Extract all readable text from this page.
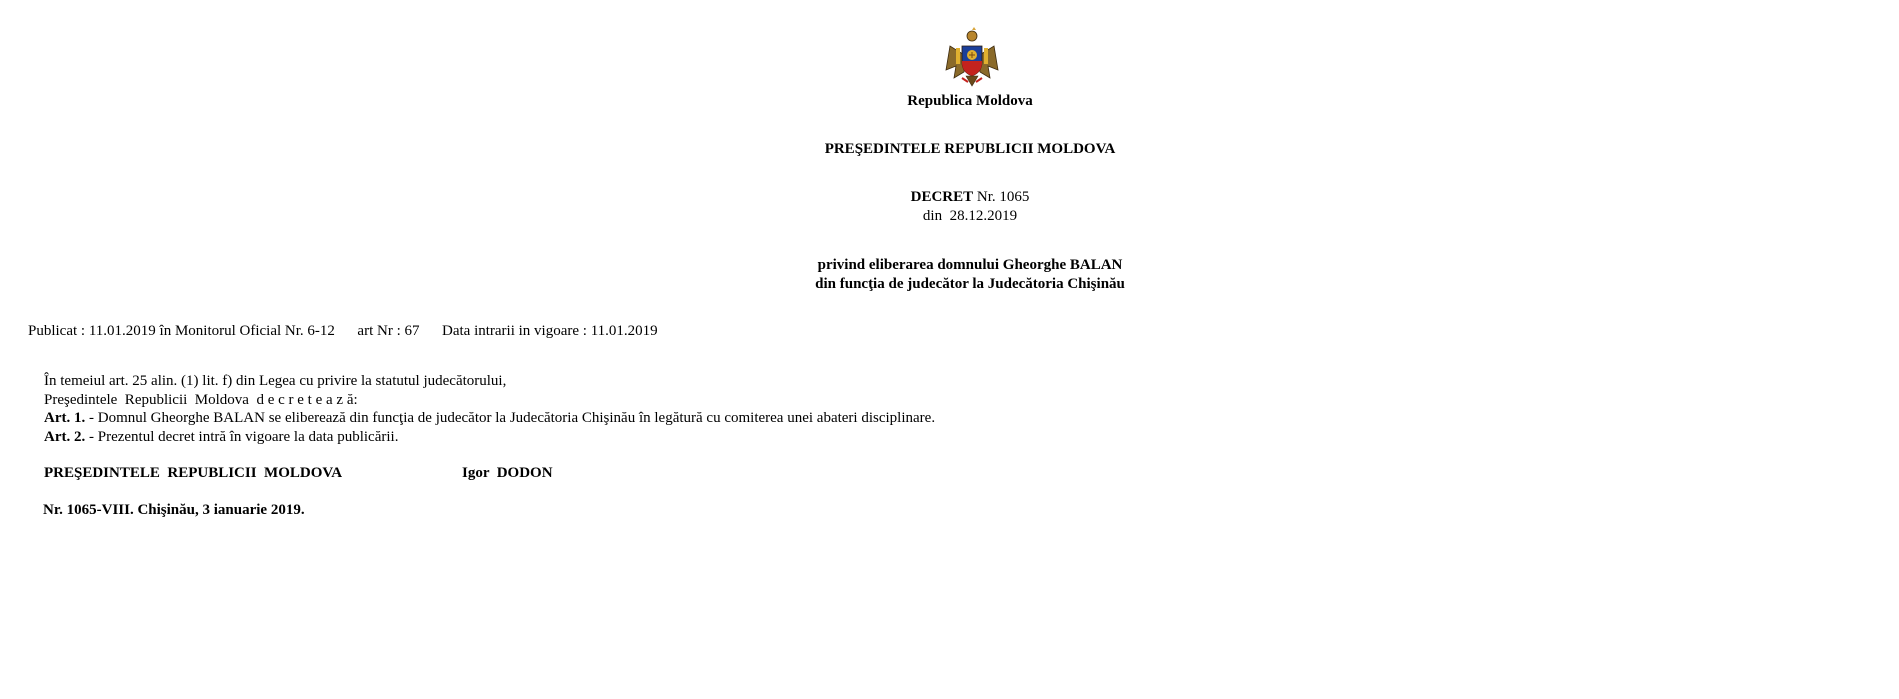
Republica Moldova
PREŞEDINTELE REPUBLICII MOLDOVA
DECRET Nr. 1065
din 28.12.2019
privind eliberarea domnului Gheorghe BALAN
din funcţia de judecător la Judecătoria Chişinău
Publicat : 11.01.2019 în Monitorul Oficial Nr. 6-12 art Nr : 67 Data intrarii in vigoare : 11.01.2019
În temeiul art. 25 alin. (1) lit. f) din Legea cu privire la statutul judecătorului,
Preşedintele  Republicii  Moldova  d e c r e t e a z ă:
Art. 1. - Domnul Gheorghe BALAN se eliberează din funcţia de judecător la Judecătoria Chişinău în legătură cu comiterea unei abateri disciplinare.
Art. 2. - Prezentul decret intră în vigoare la data publicării.
PREŞEDINTELE  REPUBLICII  MOLDOVA	Igor  DODON
Nr. 1065-VIII. Chişinău, 3 ianuarie 2019.
